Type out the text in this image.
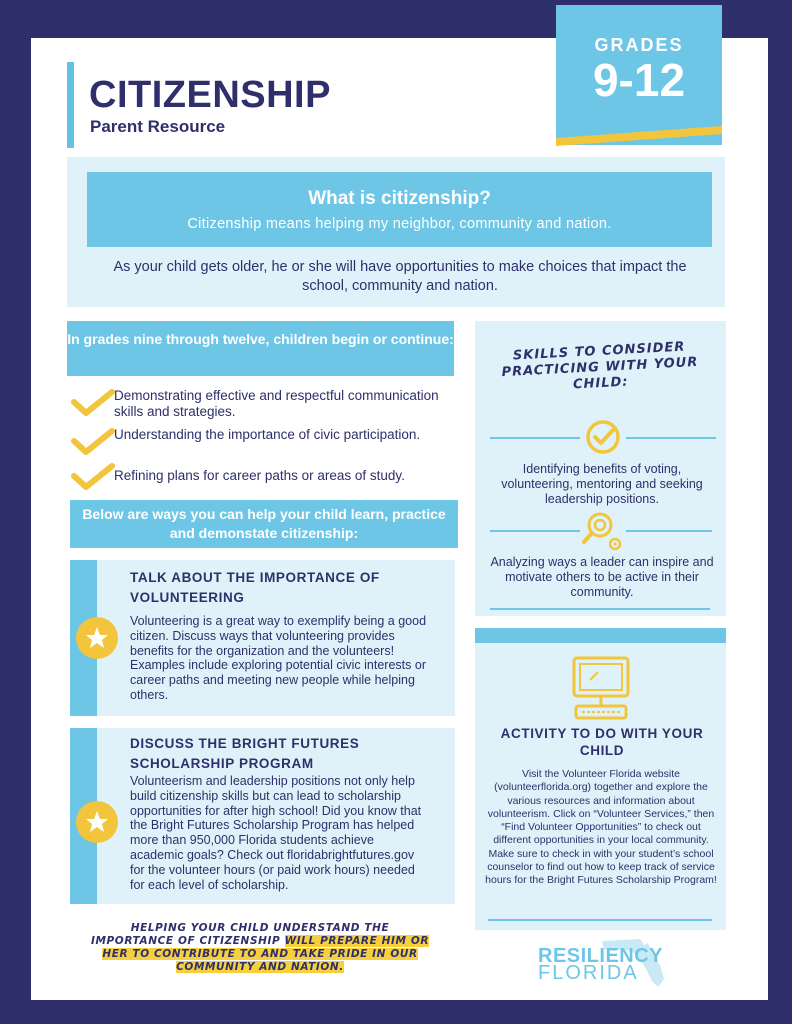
CITIZENSHIP
Parent Resource
GRADES
9-12
What is citizenship?
Citizenship means helping my neighbor, community and nation.
As your child gets older, he or she will have opportunities to make choices that impact the school, community and nation.
In grades nine through twelve, children begin or continue:
Demonstrating effective and respectful communication skills and strategies.
Understanding the importance of civic participation.
Refining plans for career paths or areas of study.
Below are ways you can help your child learn, practice and demonstate citizenship:
TALK ABOUT THE IMPORTANCE OF VOLUNTEERING
Volunteering is a great way to exemplify being a good citizen. Discuss ways that volunteering provides benefits for the organization and the volunteers! Examples include exploring potential civic interests or career paths and meeting new people while helping others.
DISCUSS THE BRIGHT FUTURES SCHOLARSHIP PROGRAM
Volunteerism and leadership positions not only help build citizenship skills but can lead to scholarship opportunities for after high school! Did you know that the Bright Futures Scholarship Program has helped more than 950,000 Florida students achieve academic goals? Check out floridabrightfutures.gov for the volunteer hours (or paid work hours) needed for each level of scholarship.
HELPING YOUR CHILD UNDERSTAND THE IMPORTANCE OF CITIZENSHIP WILL PREPARE HIM OR HER TO CONTRIBUTE TO AND TAKE PRIDE IN OUR COMMUNITY AND NATION.
SKILLS TO CONSIDER PRACTICING WITH YOUR CHILD:
Identifying benefits of voting, volunteering, mentoring and seeking leadership positions.
Analyzing ways a leader can inspire and motivate others to be active in their community.
ACTIVITY TO DO WITH YOUR CHILD
Visit the Volunteer Florida website (volunteerflorida.org) together and explore the various resources and information about volunteerism. Click on “Volunteer Services,” then “Find Volunteer Opportunities” to check out different opportunities in your local community. Make sure to check in with your student’s school counselor to find out how to keep track of service hours for the Bright Futures Scholarship Program!
RESILIENCY
FLORIDA
